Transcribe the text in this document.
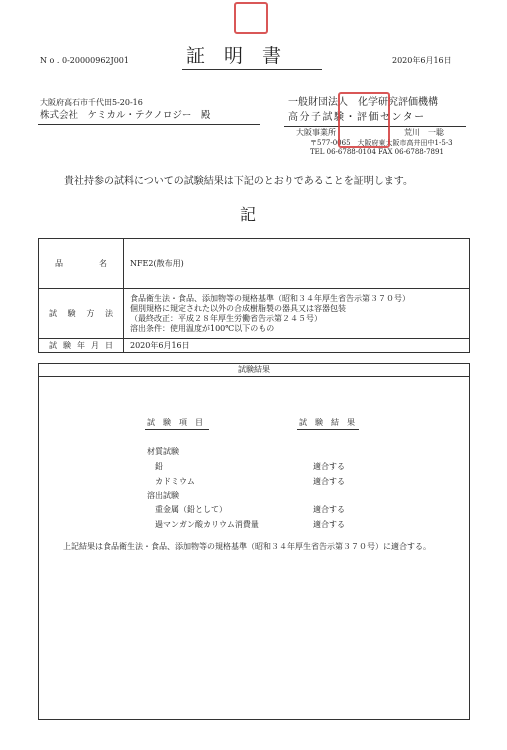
N o . 0-20000962J001	証　明　書	2020年6月16日
大阪府高石市千代田5-20-16
株式会社　ケミカル・テクノロジー　殿
一般財団法人　化学研究評価機構
高分子試験・評価センター
大阪事業所	荒川　一聡
〒577-0065　大阪府東大阪市高井田中1-5-3
TEL 06-6788-0104 FAX 06-6788-7891
貴社持参の試料についての試験結果は下記のとおりであることを証明します。
記
品名	NFE2(散布用)

試験方法	食品衛生法・食品、添加物等の規格基準（昭和３４年厚生省告示第３７０号）
個別規格に規定された以外の合成樹脂製の器具又は容器包装
（最終改正：平成２８年厚生労働省告示第２４５号）
溶出条件：使用温度が100℃以下のもの

試験年月日	2020年6月16日
試験結果
試　験　項　目	試　験　結　果
材質試験
鉛	適合する
カドミウム	適合する
溶出試験
重金属（鉛として）	適合する
過マンガン酸カリウム消費量	適合する
上記結果は食品衛生法・食品、添加物等の規格基準（昭和３４年厚生省告示第３７０号）に適合する。
